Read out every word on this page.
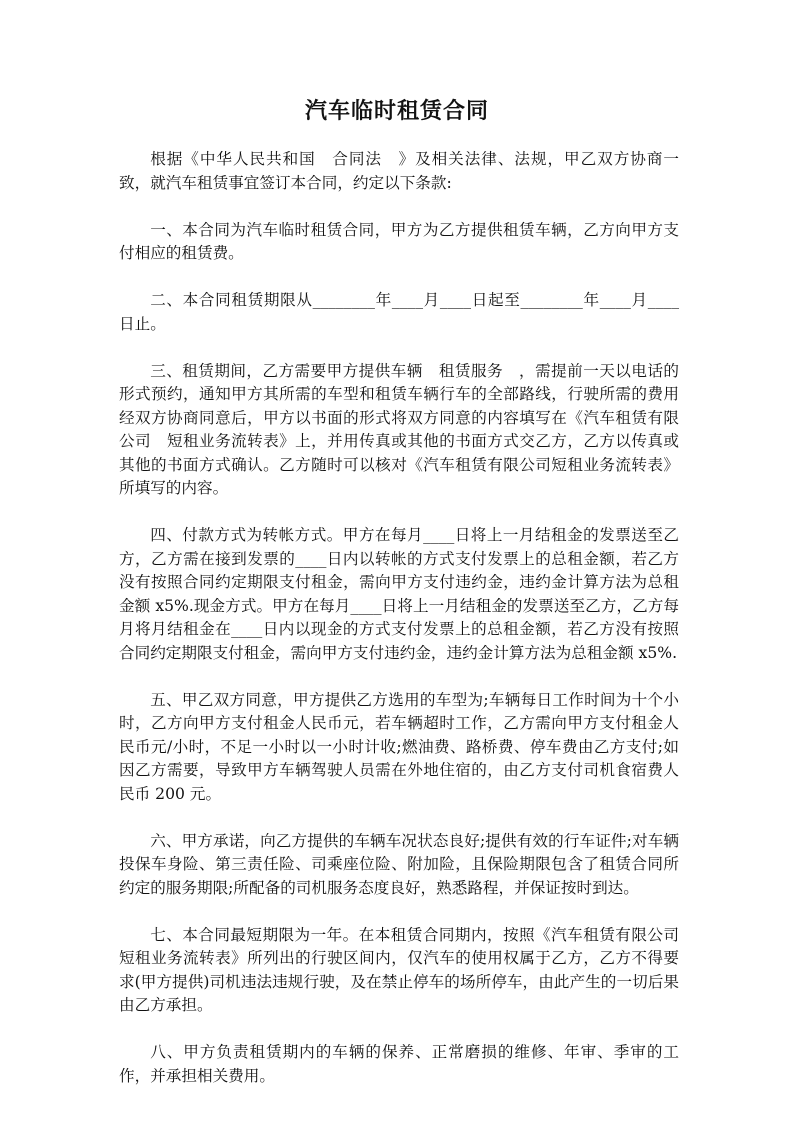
汽车临时租赁合同

根据《中华人民共和国　合同法　》及相关法律、法规，甲乙双方协商一致，就汽车租赁事宜签订本合同，约定以下条款:

一、本合同为汽车临时租赁合同，甲方为乙方提供租赁车辆，乙方向甲方支付相应的租赁费。

二、本合同租赁期限从________年____月____日起至________年____月____日止。

三、租赁期间，乙方需要甲方提供车辆　租赁服务　，需提前一天以电话的形式预约，通知甲方其所需的车型和租赁车辆行车的全部路线，行驶所需的费用经双方协商同意后，甲方以书面的形式将双方同意的内容填写在《汽车租赁有限　公司　短租业务流转表》上，并用传真或其他的书面方式交乙方，乙方以传真或其他的书面方式确认。乙方随时可以核对《汽车租赁有限公司短租业务流转表》所填写的内容。

四、付款方式为转帐方式。甲方在每月____日将上一月结租金的发票送至乙方，乙方需在接到发票的____日内以转帐的方式支付发票上的总租金额，若乙方没有按照合同约定期限支付租金，需向甲方支付违约金，违约金计算方法为总租金额 x5%.现金方式。甲方在每月____日将上一月结租金的发票送至乙方，乙方每月将月结租金在____日内以现金的方式支付发票上的总租金额，若乙方没有按照合同约定期限支付租金，需向甲方支付违约金，违约金计算方法为总租金额 x5%.

五、甲乙双方同意，甲方提供乙方选用的车型为;车辆每日工作时间为十个小时，乙方向甲方支付租金人民币元，若车辆超时工作，乙方需向甲方支付租金人民币元/小时，不足一小时以一小时计收;燃油费、路桥费、停车费由乙方支付;如因乙方需要，导致甲方车辆驾驶人员需在外地住宿的，由乙方支付司机食宿费人民币 200 元。

六、甲方承诺，向乙方提供的车辆车况状态良好;提供有效的行车证件;对车辆投保车身险、第三责任险、司乘座位险、附加险，且保险期限包含了租赁合同所约定的服务期限;所配备的司机服务态度良好，熟悉路程，并保证按时到达。

七、本合同最短期限为一年。在本租赁合同期内，按照《汽车租赁有限公司短租业务流转表》所列出的行驶区间内，仅汽车的使用权属于乙方，乙方不得要求(甲方提供)司机违法违规行驶，及在禁止停车的场所停车，由此产生的一切后果由乙方承担。

八、甲方负责租赁期内的车辆的保养、正常磨损的维修、年审、季审的工作，并承担相关费用。
